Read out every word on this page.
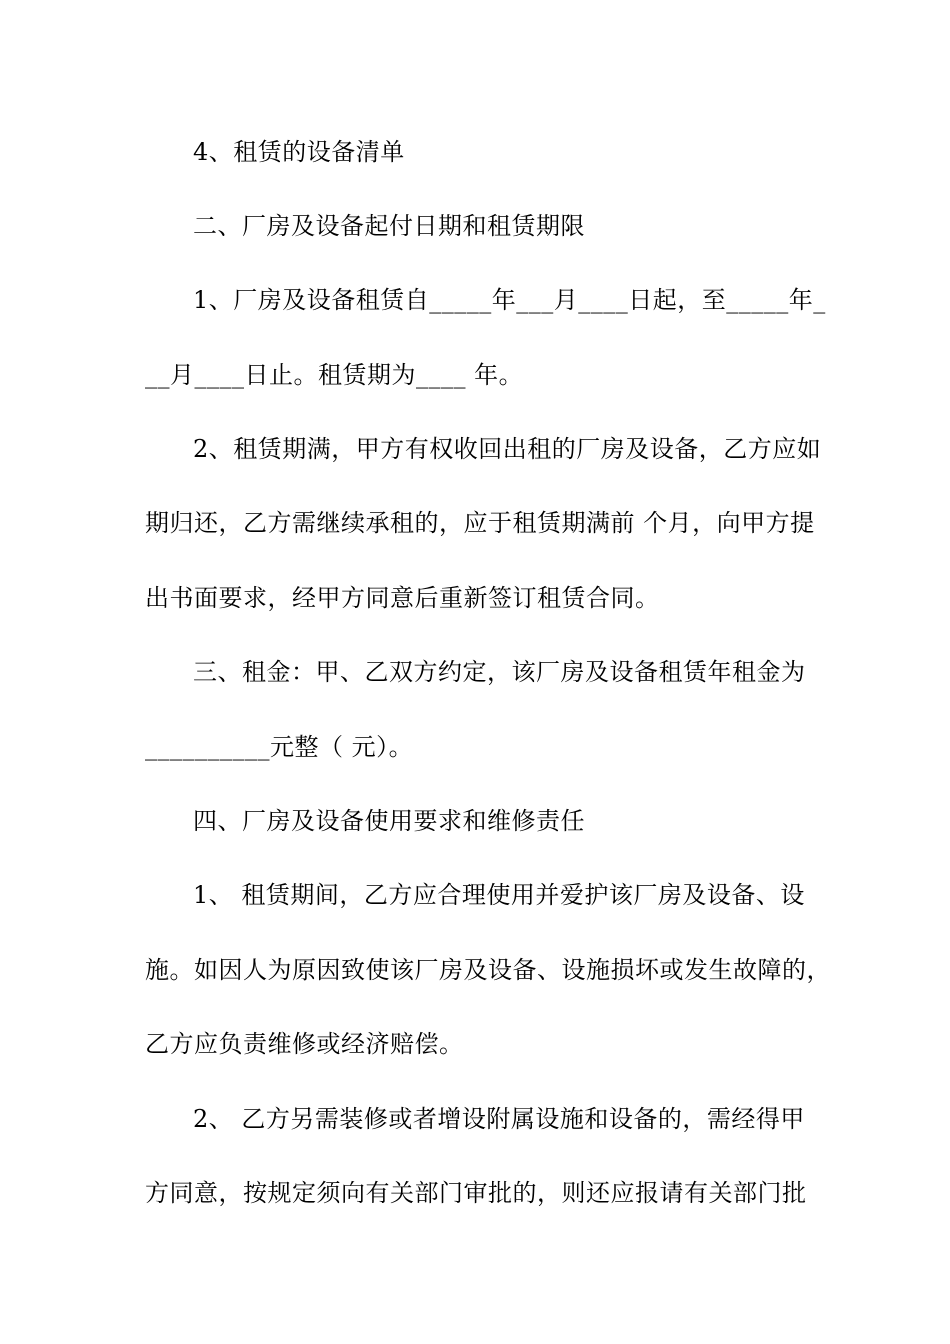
4、租赁的设备清单
二、厂房及设备起付日期和租赁期限
1、厂房及设备租赁自_____年___月____日起，至_____年_
__月____日止。租赁期为____ 年。
2、租赁期满，甲方有权收回出租的厂房及设备，乙方应如
期归还，乙方需继续承租的，应于租赁期满前 个月，向甲方提
出书面要求，经甲方同意后重新签订租赁合同。
三、租金：甲、乙双方约定，该厂房及设备租赁年租金为
__________元整（ 元）。
四、厂房及设备使用要求和维修责任
1、 租赁期间，乙方应合理使用并爱护该厂房及设备、设
施。如因人为原因致使该厂房及设备、设施损坏或发生故障的，
乙方应负责维修或经济赔偿。
2、 乙方另需装修或者增设附属设施和设备的，需经得甲
方同意，按规定须向有关部门审批的，则还应报请有关部门批
